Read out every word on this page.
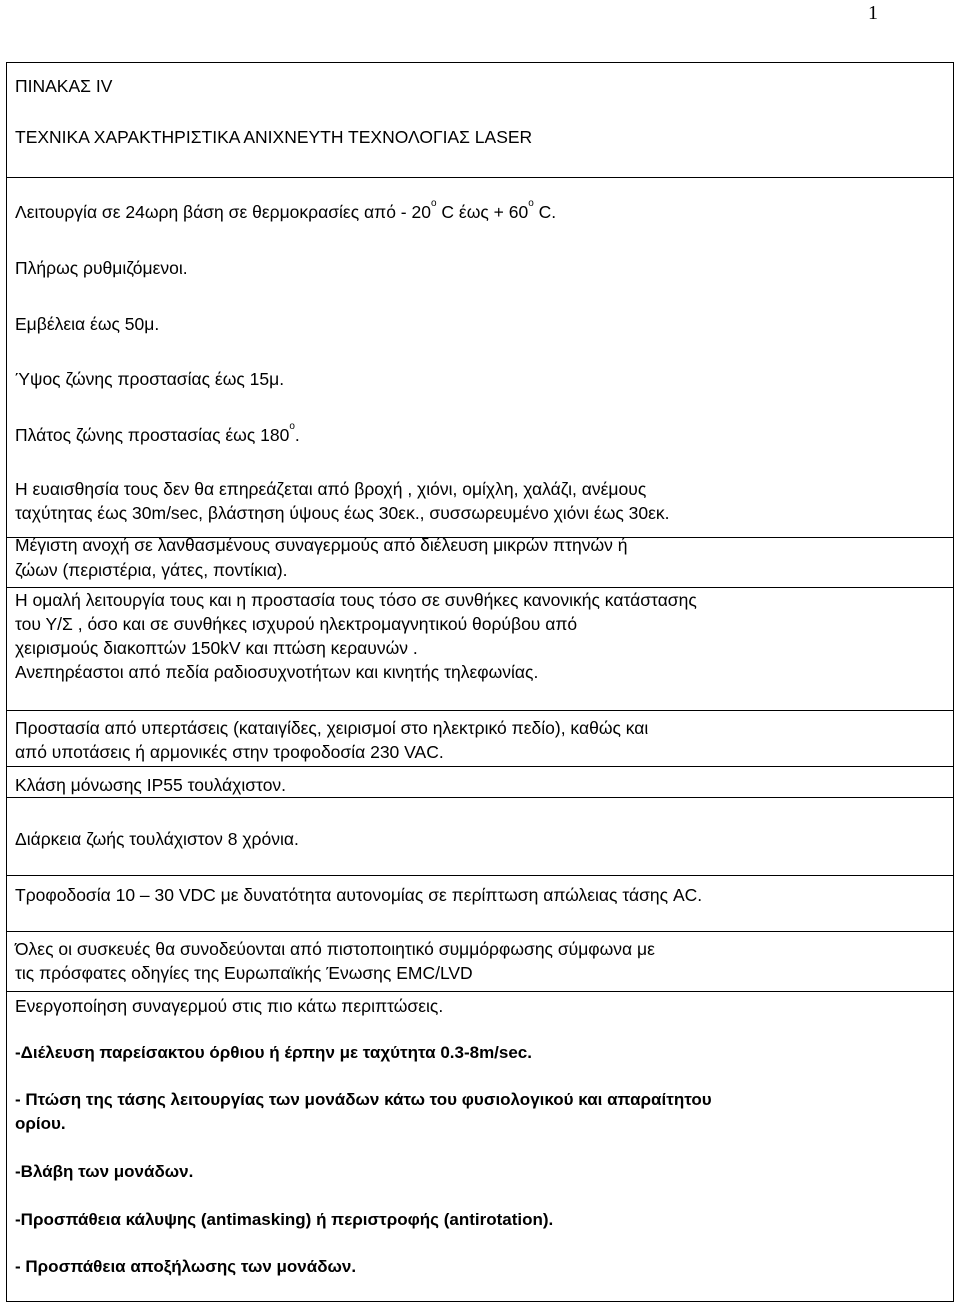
1
ΠΙΝΑΚΑΣ IV
ΤΕΧΝΙΚΑ ΧΑΡΑΚΤΗΡΙΣΤΙΚΑ ΑΝΙΧΝΕΥΤΗ ΤΕΧΝΟΛΟΓΙΑΣ LASER
Λειτουργία σε 24ωρη βάση σε θερμοκρασίες από - $20^o$ C $έ\omega\varsigma + 60^o$ C.
Πλήρως ρυθμιζόμενοι.
Εμβέλεια έως 50μ.
Ύψος ζώνης προστασίας έως 15μ.
Πλάτος ζώνης προστασίας έως $180^o$.
Η ευαισθησία τους δεν θα επηρεάζεται από βροχή , χιόνι, ομίχλη, χαλάζι, ανέμους
ταχύτητας έως 30m/sec, βλάστηση ύψους έως 30εκ., συσσωρευμένο χιόνι έως 30εκ.
Μέγιστη ανοχή σε λανθασμένους συναγερμούς από διέλευση μικρών πτηνών ή
ζώων (περιστέρια, γάτες, ποντίκια).
Η ομαλή λειτουργία τους και η προστασία τους τόσο σε συνθήκες κανονικής κατάστασης
του Υ/Σ , όσο και σε συνθήκες ισχυρού ηλεκτρομαγνητικού θορύβου από
χειρισμούς διακοπτών 150kV και πτώση κεραυνών .
Ανεπηρέαστοι από πεδία ραδιοσυχνοτήτων και κινητής τηλεφωνίας.
Προστασία από υπερτάσεις (καταιγίδες, χειρισμοί στο ηλεκτρικό πεδίο), καθώς και
από υποτάσεις ή αρμονικές στην τροφοδοσία 230 VAC.
Κλάση μόνωσης IP55 τουλάχιστον.
Διάρκεια ζωής τουλάχιστον 8 χρόνια.
Τροφοδοσία 10 – 30 VDC με δυνατότητα αυτονομίας σε περίπτωση απώλειας τάσης AC.
Όλες οι συσκευές θα συνοδεύονται από πιστοποιητικό συμμόρφωσης σύμφωνα με
τις πρόσφατες οδηγίες της Ευρωπαϊκής Ένωσης EMC/LVD
Ενεργοποίηση συναγερμού στις πιο κάτω περιπτώσεις.
-Διέλευση παρείσακτου όρθιου ή έρπην με ταχύτητα 0.3-8m/sec.
- Πτώση της τάσης λειτουργίας των μονάδων κάτω του φυσιολογικού και απαραίτητου
ορίου.
-Βλάβη των μονάδων.
-Προσπάθεια κάλυψης (antimasking) ή περιστροφής (antirotation).
- Προσπάθεια αποξήλωσης των μονάδων.
